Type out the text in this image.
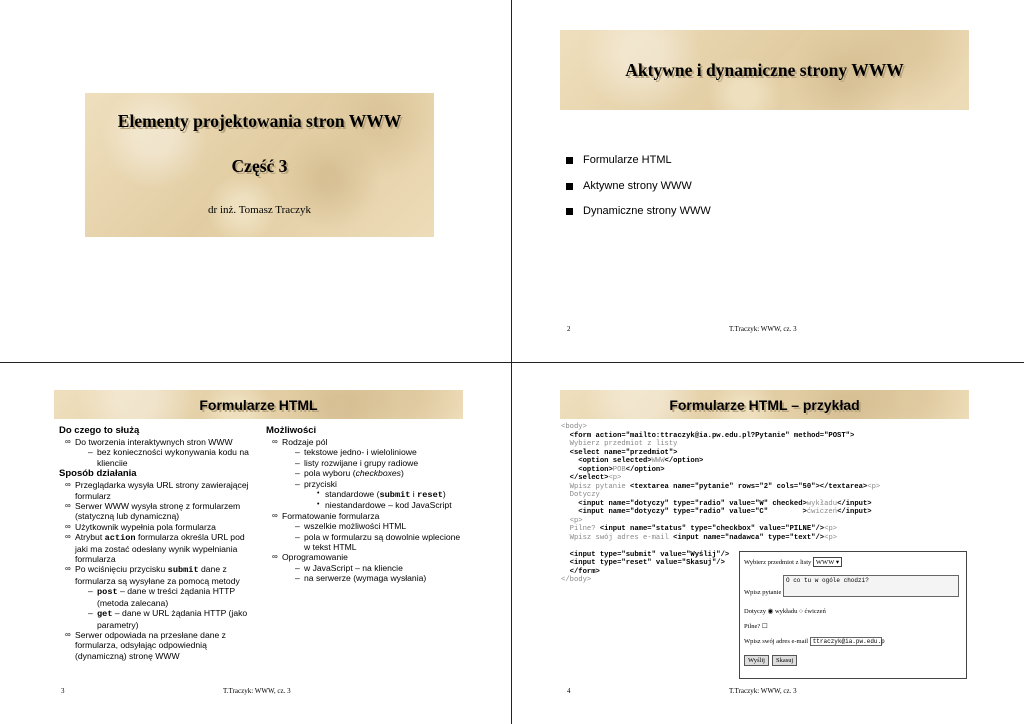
Elementy projektowania stron WWW
Część 3
dr inż. Tomasz Traczyk
Aktywne i dynamiczne strony WWW
Formularze HTML
Aktywne strony WWW
Dynamiczne strony WWW
2	T.Traczyk: WWW, cz. 3
Formularze HTML
Do czego to służą
∞ Do tworzenia interaktywnych stron WWW
– bez konieczności wykonywania kodu na klienciie
Sposób działania
∞ Przeglądarka wysyła URL strony zawierającej formularz
∞ Serwer WWW wysyła stronę z formularzem (statyczną lub dynamiczną)
∞ Użytkownik wypełnia pola formularza
∞ Atrybut action formularza określa URL pod jaki ma zostać odesłany wynik wypełniania formularza
∞ Po wciśnięciu przycisku submit dane z formularza są wysyłane za pomocą metody
– post – dane w treści żądania HTTP (metoda zalecana)
– get – dane w URL żądania HTTP (jako parametry)
∞ Serwer odpowiada na przesłane dane z formularza, odsyłając odpowiednią (dynamiczną) stronę WWW
Możliwości
∞ Rodzaje pól
– tekstowe jedno- i wieloliniowe
– listy rozwijane i grupy radiowe
– pola wyboru (checkboxes)
– przyciski
• standardowe (submit i reset)
• niestandardowe – kod JavaScript
∞ Formatowanie formularza
– wszelkie możliwości HTML
– pola w formularzu są dowolnie wplecione w tekst HTML
∞ Oprogramowanie
– w JavaScript – na kliencie
– na serwerze (wymaga wysłania)
3	T.Traczyk: WWW, cz. 3
Formularze HTML – przykład
<body>
<form action="mailto:ttraczyk@ia.pw.edu.pl?Pytanie" method="POST">
Wybierz przedmiot z listy
<select name="przedmiot">
<option selected>WWW</option>
<option>POB</option>
</select><p>
Wpisz pytanie <textarea name="pytanie" rows="2" cols="50"></textarea><p>
Dotyczy
<input name="dotyczy" type="radio" value="W" checked>wykładu</input>
<input name="dotyczy" type="radio" value="C"        >ćwiczeń</input>
<p>
Pilne? <input name="status" type="checkbox" value="PILNE"/><p>
Wpisz swój adres e-mail <input name="nadawca" type="text"/><p>

<input type="submit" value="Wyślij"/>
<input type="reset" value="Skasuj"/>
</form>
</body>
Wybierz przedmiot z listy WWW ▾
Wpisz pytanie
O co tu w ogóle chodzi?
Dotyczy ◉ wykładu ○ ćwiczeń
Pilne? ☐
Wpisz swój adres e-mail ttraczyk@ia.pw.edu.p
Wyślij Skasuj
4	T.Traczyk: WWW, cz. 3
